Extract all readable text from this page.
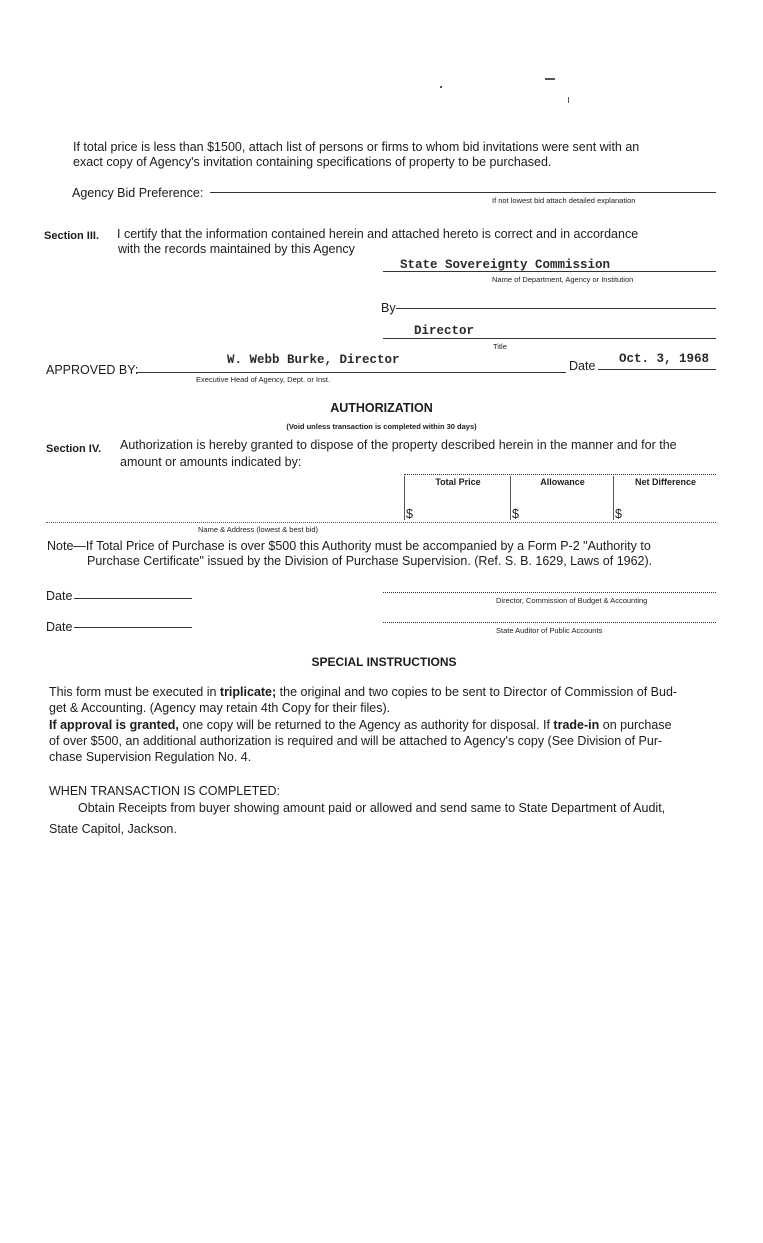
If total price is less than $1500, attach list of persons or firms to whom bid invitations were sent with an
exact copy of Agency's invitation containing specifications of property to be purchased.
Agency Bid Preference:
If not lowest bid attach detailed explanation
Section III. I certify that the information contained herein and attached hereto is correct and in accordance
with the records maintained by this Agency
State Sovereignty Commission
Name of Department, Agency or Institution
By
Director
Title
APPROVED BY:
W. Webb Burke, Director
Executive Head of Agency, Dept. or Inst.
Date Oct. 3, 1968
AUTHORIZATION
(Void unless transaction is completed within 30 days)
Section IV. Authorization is hereby granted to dispose of the property described herein in the manner and for the
amount or amounts indicated by:
Total Price	Allowance	Net Difference
$	$	$
Name & Address (lowest & best bid)
Note—If Total Price of Purchase is over $500 this Authority must be accompanied by a Form P-2 "Authority to
Purchase Certificate" issued by the Division of Purchase Supervision. (Ref. S. B. 1629, Laws of 1962).
Date	Director, Commission of Budget & Accounting
Date	State Auditor of Public Accounts
SPECIAL INSTRUCTIONS
This form must be executed in triplicate; the original and two copies to be sent to Director of Commission of Bud-
get & Accounting. (Agency may retain 4th Copy for their files).
If approval is granted, one copy will be returned to the Agency as authority for disposal. If trade-in on purchase
of over $500, an additional authorization is required and will be attached to Agency's copy (See Division of Pur-
chase Supervision Regulation No. 4.
WHEN TRANSACTION IS COMPLETED:
Obtain Receipts from buyer showing amount paid or allowed and send same to State Department of Audit,
State Capitol, Jackson.
